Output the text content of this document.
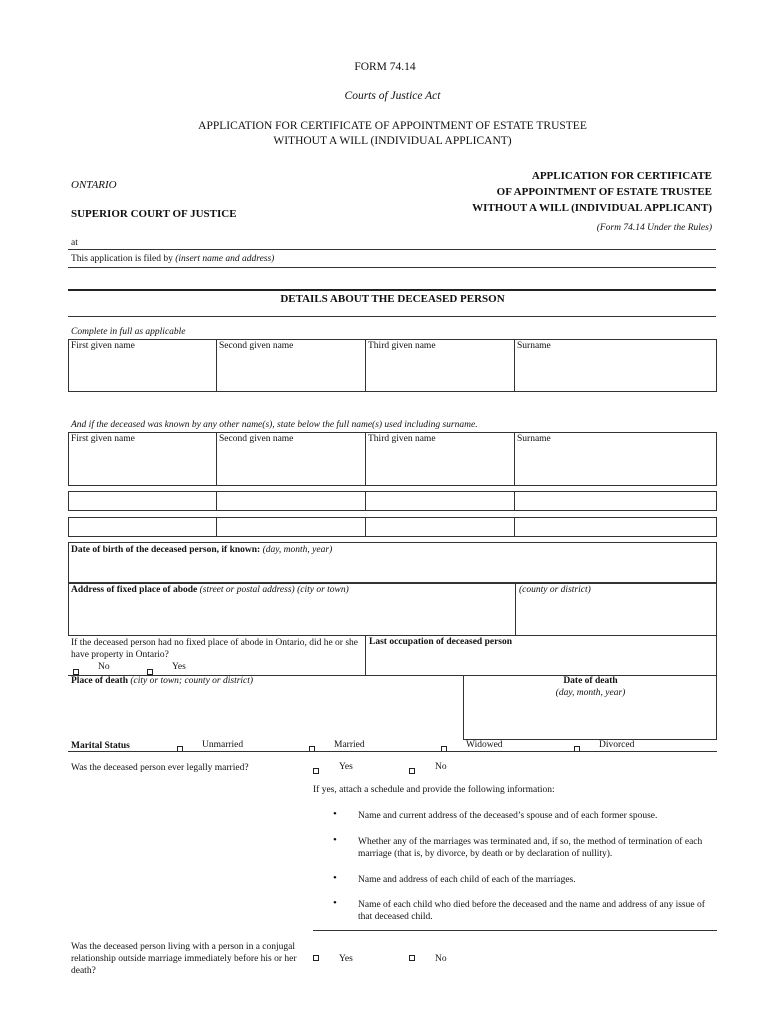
FORM 74.14
Courts of Justice Act
APPLICATION FOR CERTIFICATE OF APPOINTMENT OF ESTATE TRUSTEE
WITHOUT A WILL (INDIVIDUAL APPLICANT)
ONTARIO
SUPERIOR COURT OF JUSTICE
APPLICATION FOR CERTIFICATE
OF APPOINTMENT OF ESTATE TRUSTEE
WITHOUT A WILL (INDIVIDUAL APPLICANT)
(Form 74.14 Under the Rules)
at
This application is filed by (insert name and address)
DETAILS ABOUT THE DECEASED PERSON
Complete in full as applicable
First given name	Second given name	Third given name	Surname
And if the deceased was known by any other name(s), state below the full name(s) used including surname.
First given name	Second given name	Third given name	Surname
Date of birth of the deceased person, if known: (day, month, year)
Address of fixed place of abode (street or postal address) (city or town)	(county or district)
If the deceased person had no fixed place of abode in Ontario, did he or she have property in Ontario?
Last occupation of deceased person
No	Yes
Place of death (city or town; county or district)	Date of death
(day, month, year)
Marital Status	Unmarried	Married	Widowed	Divorced
Was the deceased person ever legally married?	Yes	No
If yes, attach a schedule and provide the following information:
• Name and current address of the deceased’s spouse and of each former spouse.
• Whether any of the marriages was terminated and, if so, the method of termination of each marriage (that is, by divorce, by death or by declaration of nullity).
• Name and address of each child of each of the marriages.
• Name of each child who died before the deceased and the name and address of any issue of that deceased child.
Was the deceased person living with a person in a conjugal relationship outside marriage immediately before his or her death?
Yes	No
